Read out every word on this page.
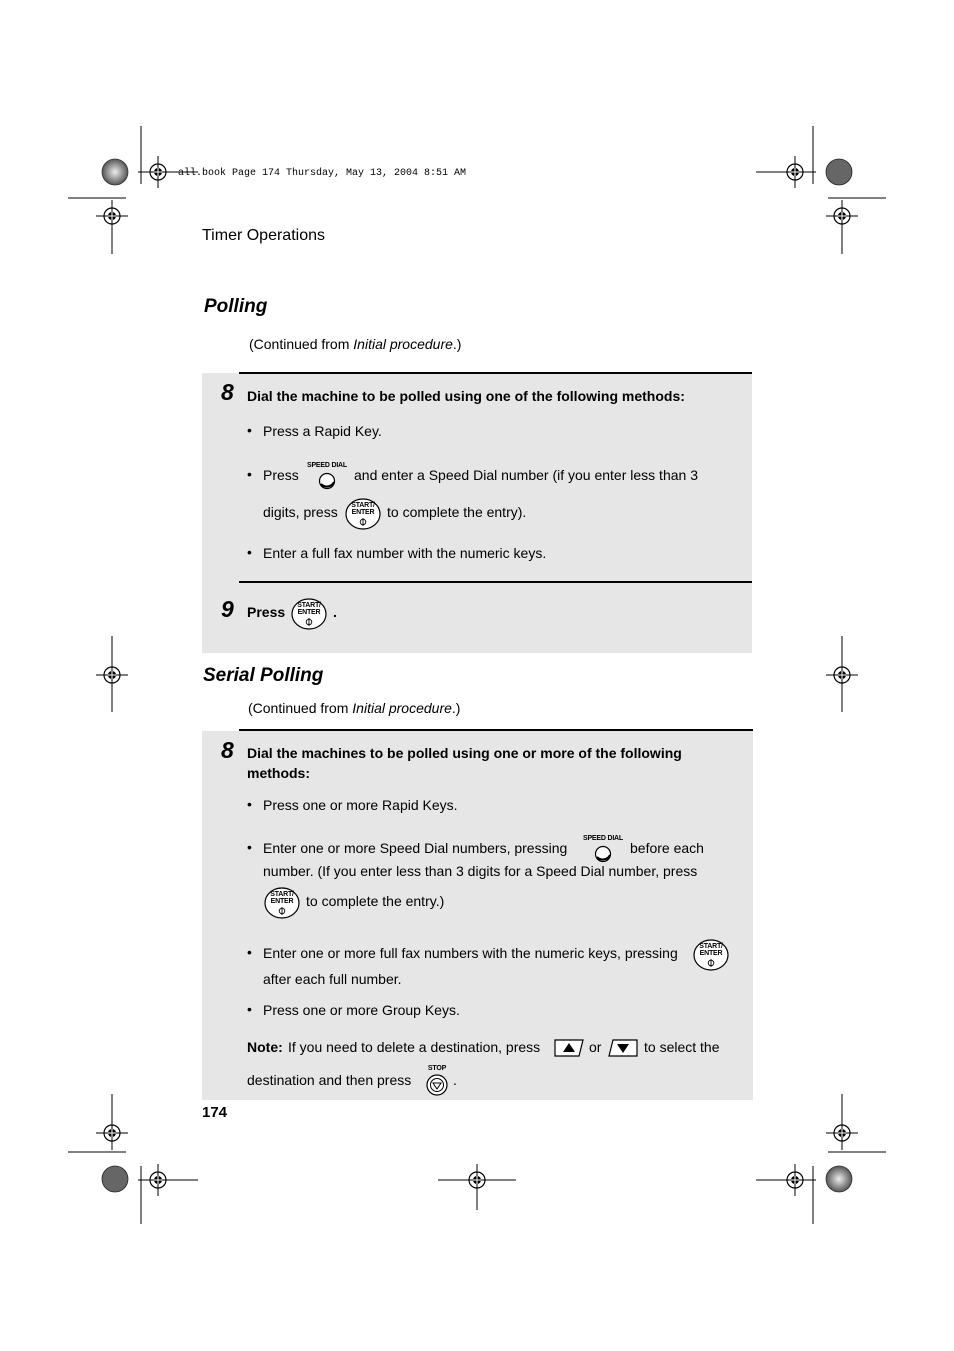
all.book Page 174 Thursday, May 13, 2004 8:51 AM
Timer Operations
Polling
(Continued from Initial procedure.)
8 Dial the machine to be polled using one of the following methods:
• Press a Rapid Key.
• Press
SPEED DIAL
and enter a Speed Dial number (if you enter less than 3
digits, press	START/
ENTER to complete the entry).
• Enter a full fax number with the numeric keys.
9 Press	START/
ENTER .
Serial Polling
(Continued from Initial procedure.)
8 Dial the machines to be polled using one or more of the following
methods:
• Press one or more Rapid Keys.
• Enter one or more Speed Dial numbers, pressing
SPEED DIAL
before each
number. (If you enter less than 3 digits for a Speed Dial number, press
START/
ENTER to complete the entry.)
• Enter one or more full fax numbers with the numeric keys, pressing	START/
ENTER
after each full number.
• Press one or more Group Keys.
Note: If you need to delete a destination, press	or	to select the
destination and then press
STOP
.
174
